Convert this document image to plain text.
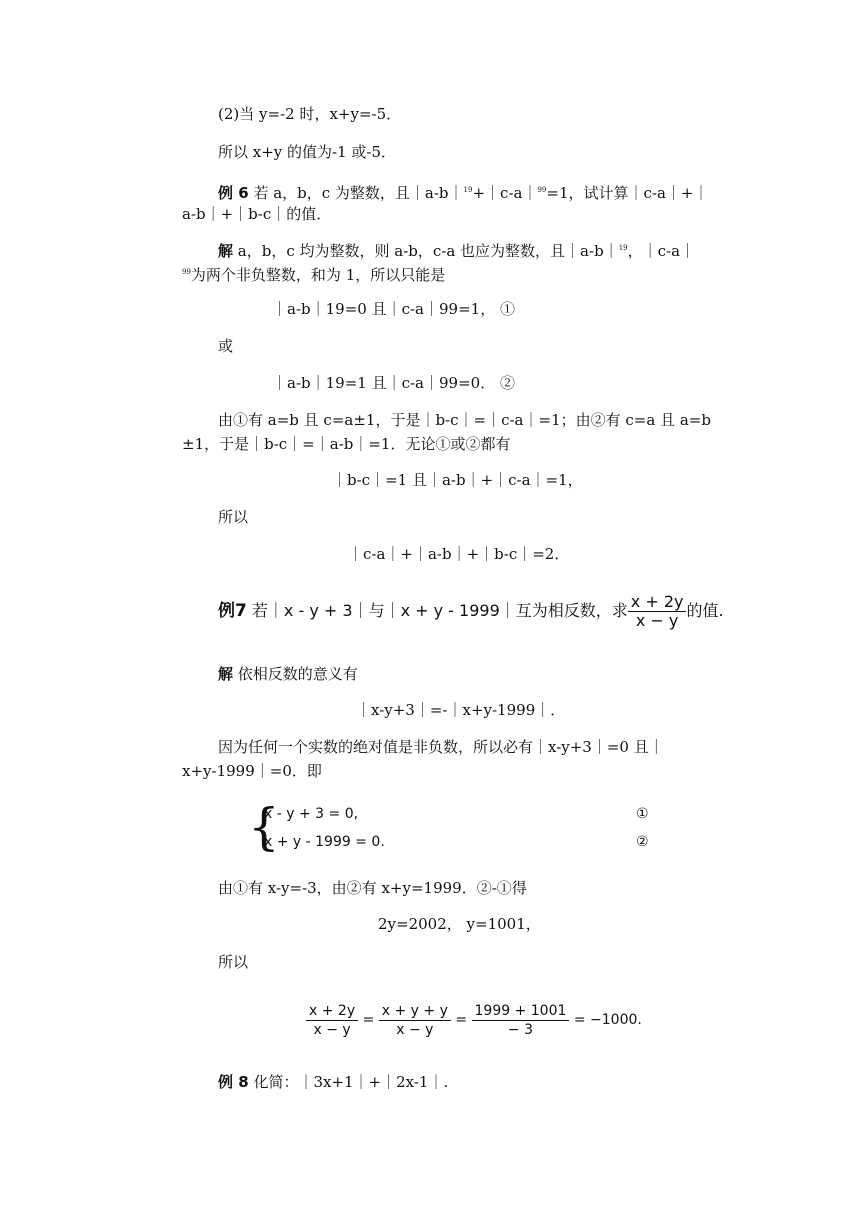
(2)当 y=-2 时，x+y=-5．
所以 x+y 的值为-1 或-5．
例 6 若 a，b，c 为整数，且｜a-b｜$^{19}$+｜c-a｜$^{99}$=1，试计算｜c-a｜+｜
a-b｜+｜b-c｜的值．
解 a，b，c 均为整数，则 a-b，c-a 也应为整数，且｜a-b｜$^{19}$，｜c-a｜
$^{99}$为两个非负整数，和为 1，所以只能是
｜a-b｜19=0 且｜c-a｜99=1， ①
或
｜a-b｜19=1 且｜c-a｜99=0． ②
由①有 a=b 且 c=a±1，于是｜b-c｜=｜c-a｜=1；由②有 c=a 且 a=b
±1，于是｜b-c｜=｜a-b｜=1．无论①或②都有
｜b-c｜=1 且｜a-b｜+｜c-a｜=1，
所以
｜c-a｜+｜a-b｜+｜b-c｜=2．
例7 若｜x - y + 3｜与｜x + y - 1999｜互为相反数，求 $\frac{x + 2y}{x - y}$ 的值.
解 依相反数的意义有
｜x-y+3｜=-｜x+y-1999｜．
因为任何一个实数的绝对值是非负数，所以必有｜x-y+3｜=0 且｜
x+y-1999｜=0．即
{
x - y + 3 = 0,
x + y - 1999 = 0.
①
②
由①有 x-y=-3，由②有 x+y=1999．②-①得
2y=2002， y=1001，
所以
$\frac{x + 2y}{x - y} = \frac{x + y + y}{x - y} = \frac{1999 + 1001}{- 3} = -1000$.
例 8 化简：｜3x+1｜+｜2x-1｜.
